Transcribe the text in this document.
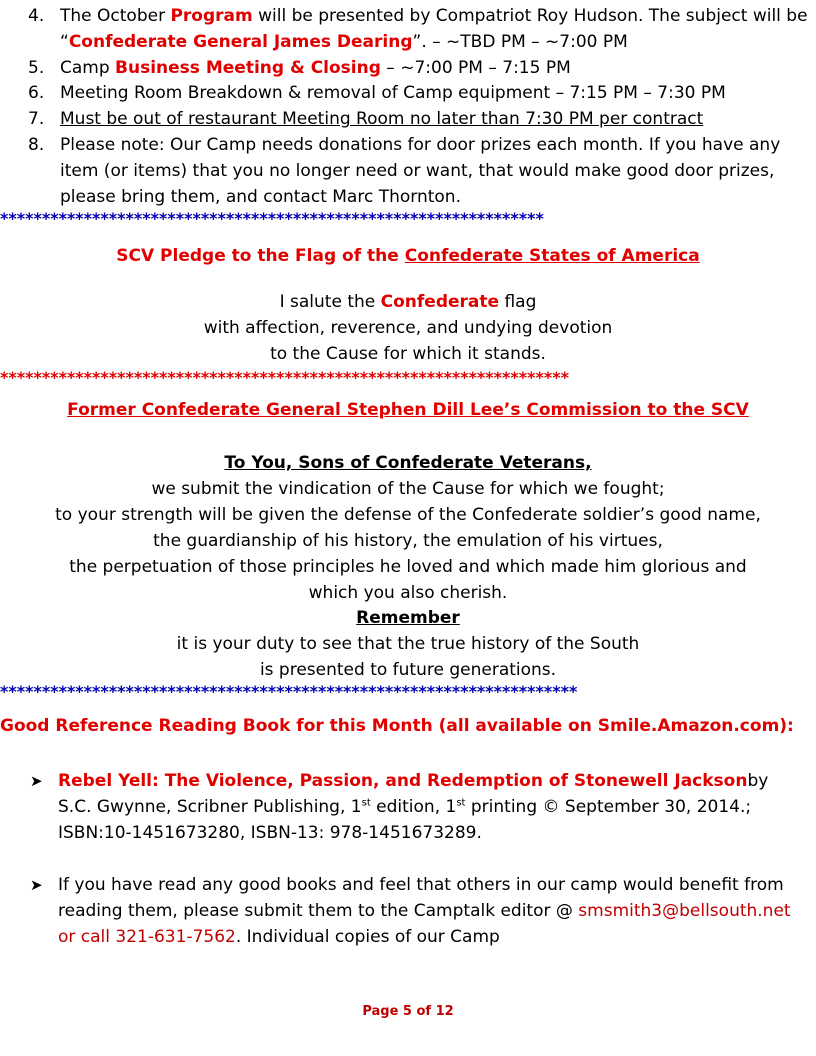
4. The October Program will be presented by Compatriot Roy Hudson. The subject will be “Confederate General James Dearing”. – ~TBD PM – ~7:00 PM
5. Camp Business Meeting & Closing – ~7:00 PM – 7:15 PM
6. Meeting Room Breakdown & removal of Camp equipment – 7:15 PM – 7:30 PM
7. Must be out of restaurant Meeting Room no later than 7:30 PM per contract
8. Please note: Our Camp needs donations for door prizes each month. If you have any item (or items) that you no longer need or want, that would make good door prizes, please bring them, and contact Marc Thornton.
*****************************************************************
SCV Pledge to the Flag of the Confederate States of America
I salute the Confederate flag
with affection, reverence, and undying devotion
to the Cause for which it stands.
********************************************************************
Former Confederate General Stephen Dill Lee’s Commission to the SCV
To You, Sons of Confederate Veterans,
we submit the vindication of the Cause for which we fought;
to your strength will be given the defense of the Confederate soldier’s good name,
the guardianship of his history, the emulation of his virtues,
the perpetuation of those principles he loved and which made him glorious and
which you also cherish.
Remember
it is your duty to see that the true history of the South
is presented to future generations.
*********************************************************************
Good Reference Reading Book for this Month (all available on Smile.Amazon.com):
➤ Rebel Yell: The Violence, Passion, and Redemption of Stonewell Jacksonby S.C. Gwynne, Scribner Publishing, 1st edition, 1st printing © September 30, 2014.; ISBN:10-1451673280, ISBN-13: 978-1451673289.
➤ If you have read any good books and feel that others in our camp would benefit from reading them, please submit them to the Camptalk editor @ smsmith3@bellsouth.net or call 321-631-7562. Individual copies of our Camp
Page 5 of 12
